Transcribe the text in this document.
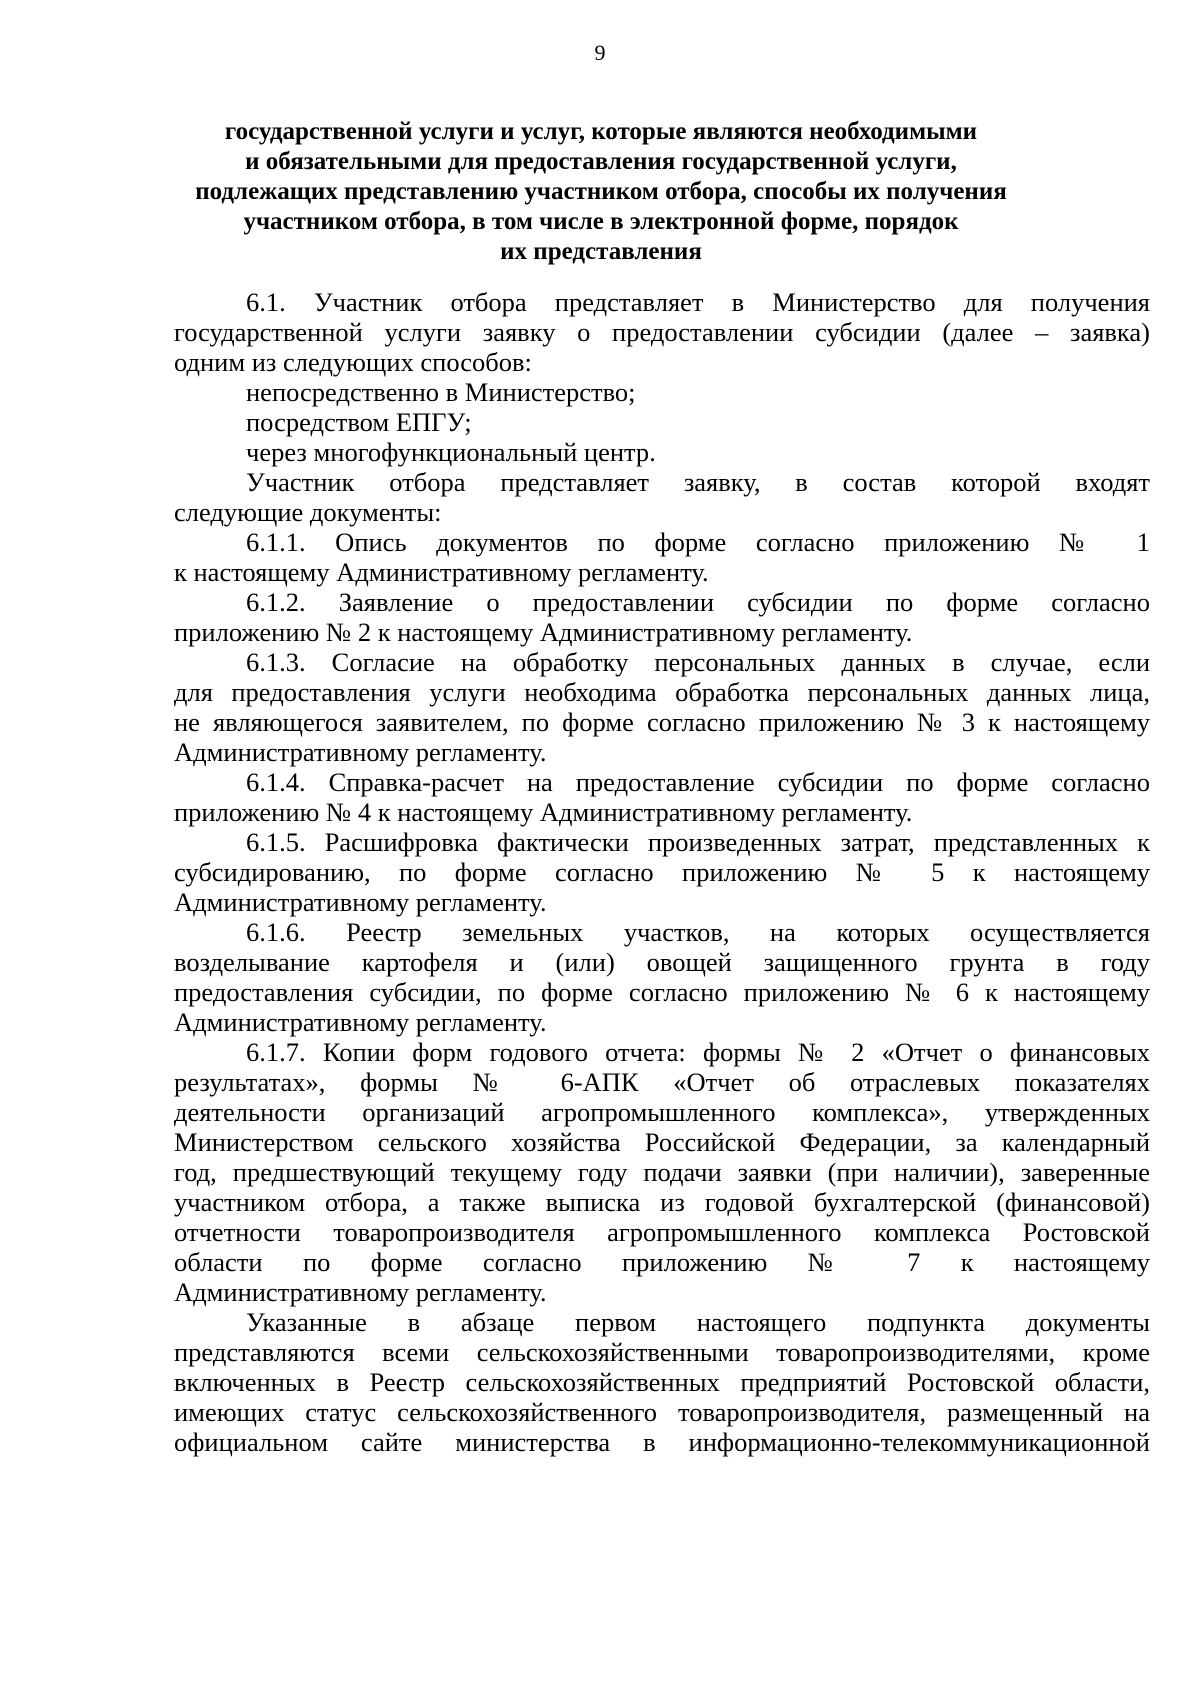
9
государственной услуги и услуг, которые являются необходимыми
и обязательными для предоставления государственной услуги,
подлежащих представлению участником отбора, способы их получения
участником отбора, в том числе в электронной форме, порядок
их представления

6.1. Участник отбора представляет в Министерство для получения
государственной услуги заявку о предоставлении субсидии (далее – заявка)
одним из следующих способов:

непосредственно в Министерство;

посредством ЕПГУ;

через многофункциональный центр.

Участник отбора представляет заявку, в состав которой входят
следующие документы:

6.1.1. Опись документов по форме согласно приложению № 1
к настоящему Административному регламенту.

6.1.2. Заявление о предоставлении субсидии по форме согласно
приложению № 2 к настоящему Административному регламенту.

6.1.3. Согласие на обработку персональных данных в случае, если
для предоставления услуги необходима обработка персональных данных лица,
не являющегося заявителем, по форме согласно приложению № 3 к настоящему
Административному регламенту.

6.1.4. Справка-расчет на предоставление субсидии по форме согласно
приложению № 4 к настоящему Административному регламенту.

6.1.5. Расшифровка фактически произведенных затрат, представленных к
субсидированию, по форме согласно приложению № 5 к настоящему
Административному регламенту.

6.1.6. Реестр земельных участков, на которых осуществляется
возделывание картофеля и (или) овощей защищенного грунта в году
предоставления субсидии, по форме согласно приложению № 6 к настоящему
Административному регламенту.

6.1.7. Копии форм годового отчета: формы № 2 «Отчет о финансовых
результатах», формы № 6-АПК «Отчет об отраслевых показателях
деятельности организаций агропромышленного комплекса», утвержденных
Министерством сельского хозяйства Российской Федерации, за календарный
год, предшествующий текущему году подачи заявки (при наличии), заверенные
участником отбора, а также выписка из годовой бухгалтерской (финансовой)
отчетности товаропроизводителя агропромышленного комплекса Ростовской
области по форме согласно приложению № 7 к настоящему
Административному регламенту.

Указанные в абзаце первом настоящего подпункта документы
представляются всеми сельскохозяйственными товаропроизводителями, кроме
включенных в Реестр сельскохозяйственных предприятий Ростовской области,
имеющих статус сельскохозяйственного товаропроизводителя, размещенный на
официальном сайте министерства в информационно-телекоммуникационной
